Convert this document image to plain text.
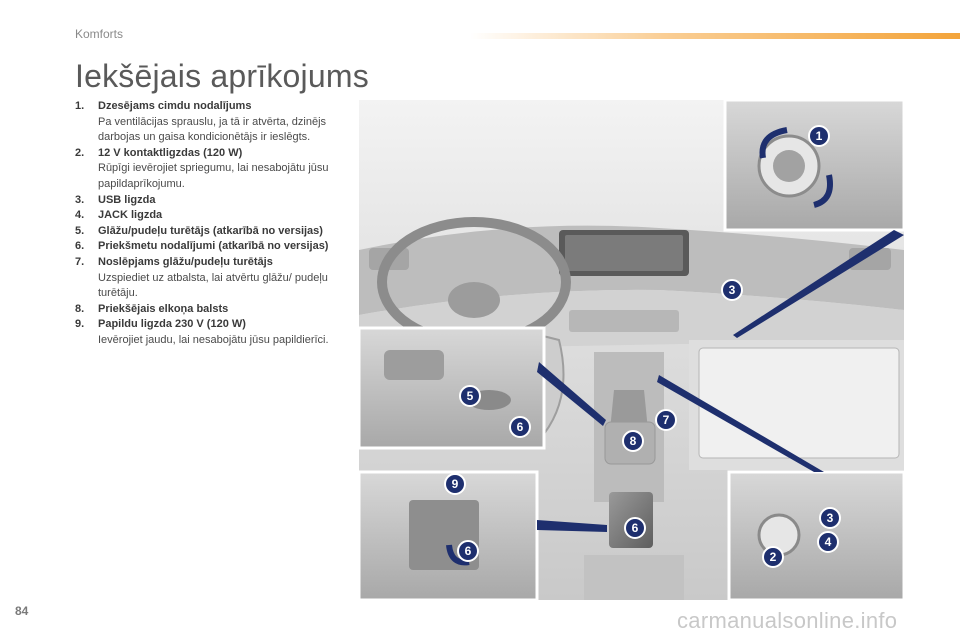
Komforts
Iekšējais aprīkojums
1. Dzesējams cimdu nodalījums
Pa ventilācijas sprauslu, ja tā ir atvērta, dzinējs darbojas un gaisa kondicionētājs ir ieslēgts.
2. 12 V kontaktligzdas (120 W)
Rūpīgi ievērojiet spriegumu, lai nesabojātu jūsu papildaprīkojumu.
3. USB ligzda
4. JACK ligzda
5. Glāžu/pudeļu turētājs (atkarībā no versijas)
6. Priekšmetu nodalījumi (atkarībā no versijas)
7. Noslēpjams glāžu/pudeļu turētājs
Uzspiediet uz atbalsta, lai atvērtu glāžu/ pudeļu turētāju.
8. Priekšējais elkoņa balsts
9. Papildu ligzda 230 V (120 W)
Ievērojiet jaudu, lai nesabojātu jūsu papildierīci.
1
2
3
3
4
5
6
6
6
7
8
9
84	carmanualsonline.info
